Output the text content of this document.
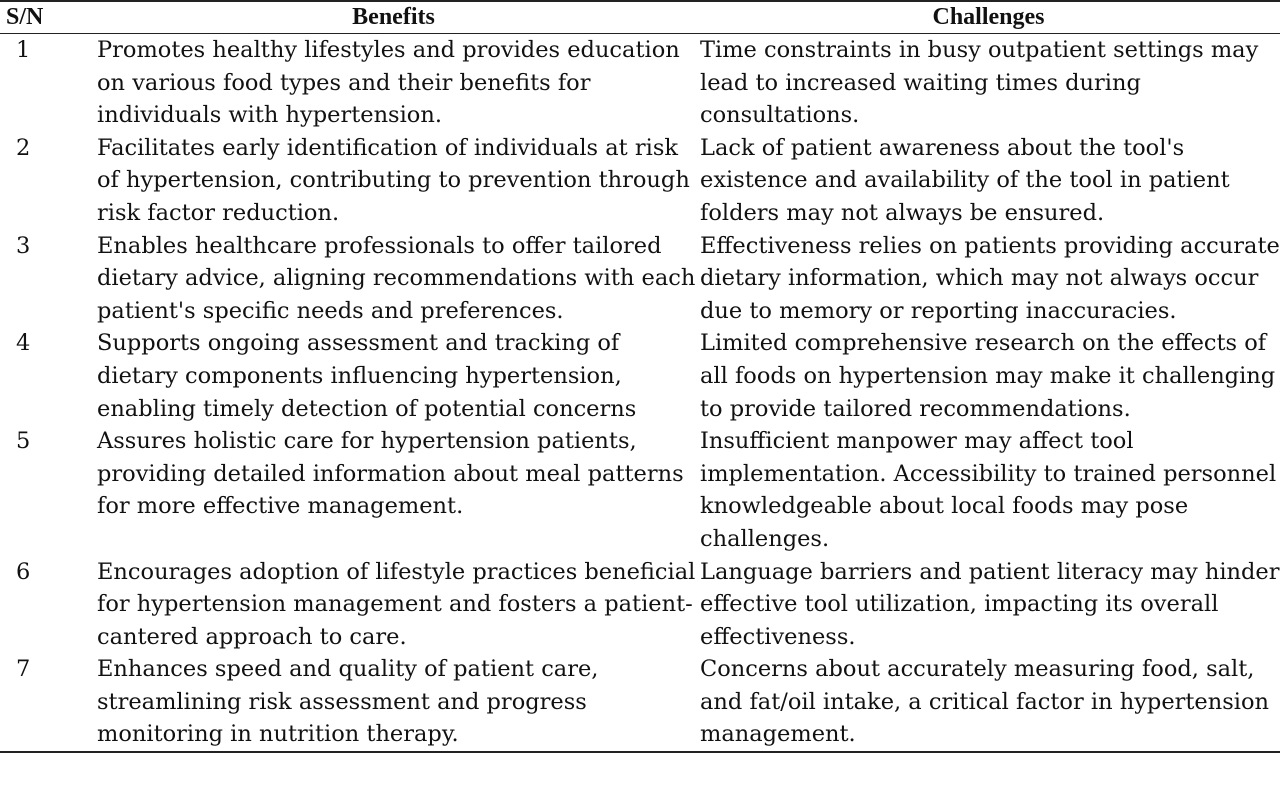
S/N	Benefits	Challenges
1	Promotes healthy lifestyles and provides education on various food types and their benefits for individuals with hypertension.	Time constraints in busy outpatient settings may lead to increased waiting times during consultations.
2	Facilitates early identification of individuals at risk of hypertension, contributing to prevention through risk factor reduction.	Lack of patient awareness about the tool's existence and availability of the tool in patient folders may not always be ensured.
3	Enables healthcare professionals to offer tailored dietary advice, aligning recommendations with each patient's specific needs and preferences.	Effectiveness relies on patients providing accurate dietary information, which may not always occur due to memory or reporting inaccuracies.
4	Supports ongoing assessment and tracking of dietary components influencing hypertension, enabling timely detection of potential concerns	Limited comprehensive research on the effects of all foods on hypertension may make it challenging to provide tailored recommendations.
5	Assures holistic care for hypertension patients, providing detailed information about meal patterns for more effective management.	Insufficient manpower may affect tool implementation. Accessibility to trained personnel knowledgeable about local foods may pose challenges.
6	Encourages adoption of lifestyle practices beneficial for hypertension management and fosters a patient-cantered approach to care.	Language barriers and patient literacy may hinder effective tool utilization, impacting its overall effectiveness.
7	Enhances speed and quality of patient care, streamlining risk assessment and progress monitoring in nutrition therapy.	Concerns about accurately measuring food, salt, and fat/oil intake, a critical factor in hypertension management.
